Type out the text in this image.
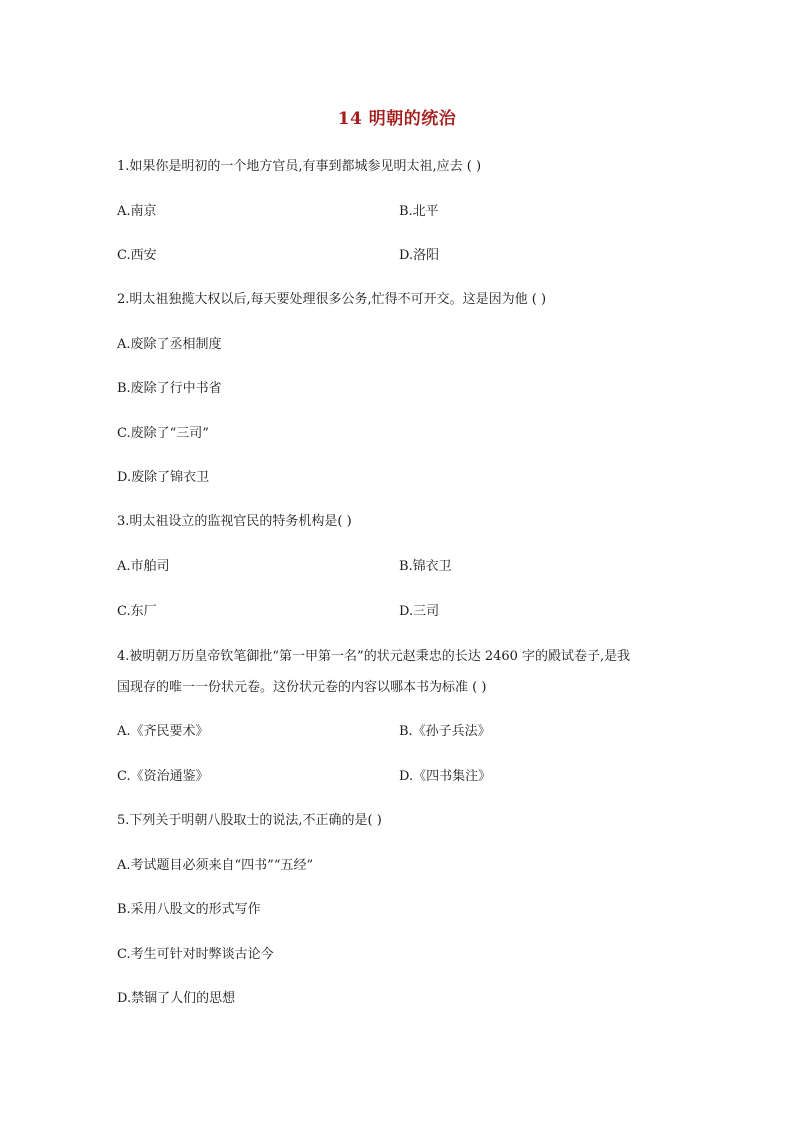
14 明朝的统治
1.如果你是明初的一个地方官员,有事到都城参见明太祖,应去 ( )
A.南京	B.北平
C.西安	D.洛阳
2.明太祖独揽大权以后,每天要处理很多公务,忙得不可开交。这是因为他 ( )
A.废除了丞相制度
B.废除了行中书省
C.废除了“三司”
D.废除了锦衣卫
3.明太祖设立的监视官民的特务机构是( )
A.市舶司	B.锦衣卫
C.东厂	D.三司
4.被明朝万历皇帝钦笔御批“第一甲第一名”的状元赵秉忠的长达 2460 字的殿试卷子,是我
国现存的唯一一份状元卷。这份状元卷的内容以哪本书为标准 ( )
A.《齐民要术》	B.《孙子兵法》
C.《资治通鉴》	D.《四书集注》
5.下列关于明朝八股取士的说法,不正确的是( )
A.考试题目必须来自“四书”“五经”
B.采用八股文的形式写作
C.考生可针对时弊谈古论今
D.禁锢了人们的思想
